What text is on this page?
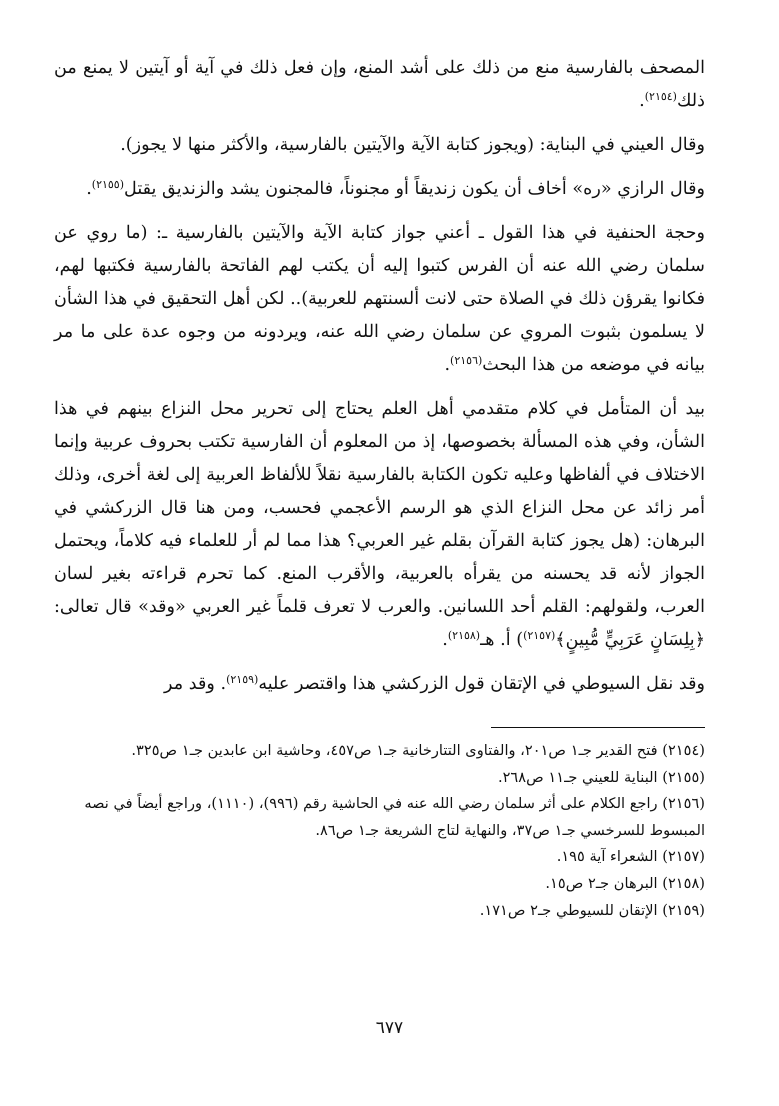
المصحف بالفارسية منع من ذلك على أشد المنع، وإن فعل ذلك في آية أو آيتين لا يمنع من ذلك$^{(٢١٥٤)}$.

وقال العيني في البناية: (ويجوز كتابة الآية والآيتين بالفارسية، والأكثر منها لا يجوز).

وقال الرازي «ره» أخاف أن يكون زنديقاً أو مجنوناً، فالمجنون يشد والزنديق يقتل$^{(٢١٥٥)}$.

وحجة الحنفية في هذا القول ـ أعني جواز كتابة الآية والآيتين بالفارسية ـ: (ما روي عن سلمان رضي الله عنه أن الفرس كتبوا إليه أن يكتب لهم الفاتحة بالفارسية فكتبها لهم، فكانوا يقرؤن ذلك في الصلاة حتى لانت ألسنتهم للعربية).. لكن أهل التحقيق في هذا الشأن لا يسلمون بثبوت المروي عن سلمان رضي الله عنه، ويردونه من وجوه عدة على ما مر بيانه في موضعه من هذا البحث$^{(٢١٥٦)}$.

بيد أن المتأمل في كلام متقدمي أهل العلم يحتاج إلى تحرير محل النزاع بينهم في هذا الشأن، وفي هذه المسألة بخصوصها، إذ من المعلوم أن الفارسية تكتب بحروف عربية وإنما الاختلاف في ألفاظها وعليه تكون الكتابة بالفارسية نقلاً للألفاظ العربية إلى لغة أخرى، وذلك أمر زائد عن محل النزاع الذي هو الرسم الأعجمي فحسب، ومن هنا قال الزركشي في البرهان: (هل يجوز كتابة القرآن بقلم غير العربي؟ هذا مما لم أر للعلماء فيه كلاماً، ويحتمل الجواز لأنه قد يحسنه من يقرأه بالعربية، والأقرب المنع. كما تحرم قراءته بغير لسان العرب، ولقولهم: القلم أحد اللسانين. والعرب لا تعرف قلماً غير العربي «وقد» قال تعالى: ﴿بِلِسَانٍ عَرَبِيٍّ مُّبِينٍ﴾$^{(٢١٥٧)}$) أ. هـ$^{(٢١٥٨)}$.

وقد نقل السيوطي في الإتقان قول الزركشي هذا واقتصر عليه$^{(٢١٥٩)}$. وقد مر

(٢١٥٤) فتح القدير جـ١ ص٢٠١، والفتاوى التتارخانية جـ١ ص٤٥٧، وحاشية ابن عابدين جـ١ ص٣٢٥.

(٢١٥٥) البناية للعيني جـ١١ ص٢٦٨.

(٢١٥٦) راجع الكلام على أثر سلمان رضي الله عنه في الحاشية رقم (٩٩٦)، (١١١٠)، وراجع أيضاً في نصه المبسوط للسرخسي جـ١ ص٣٧، والنهاية لتاج الشريعة جـ١ ص٨٦.

(٢١٥٧) الشعراء آية ١٩٥.

(٢١٥٨) البرهان جـ٢ ص١٥.

(٢١٥٩) الإتقان للسيوطي جـ٢ ص١٧١.

٦٧٧
